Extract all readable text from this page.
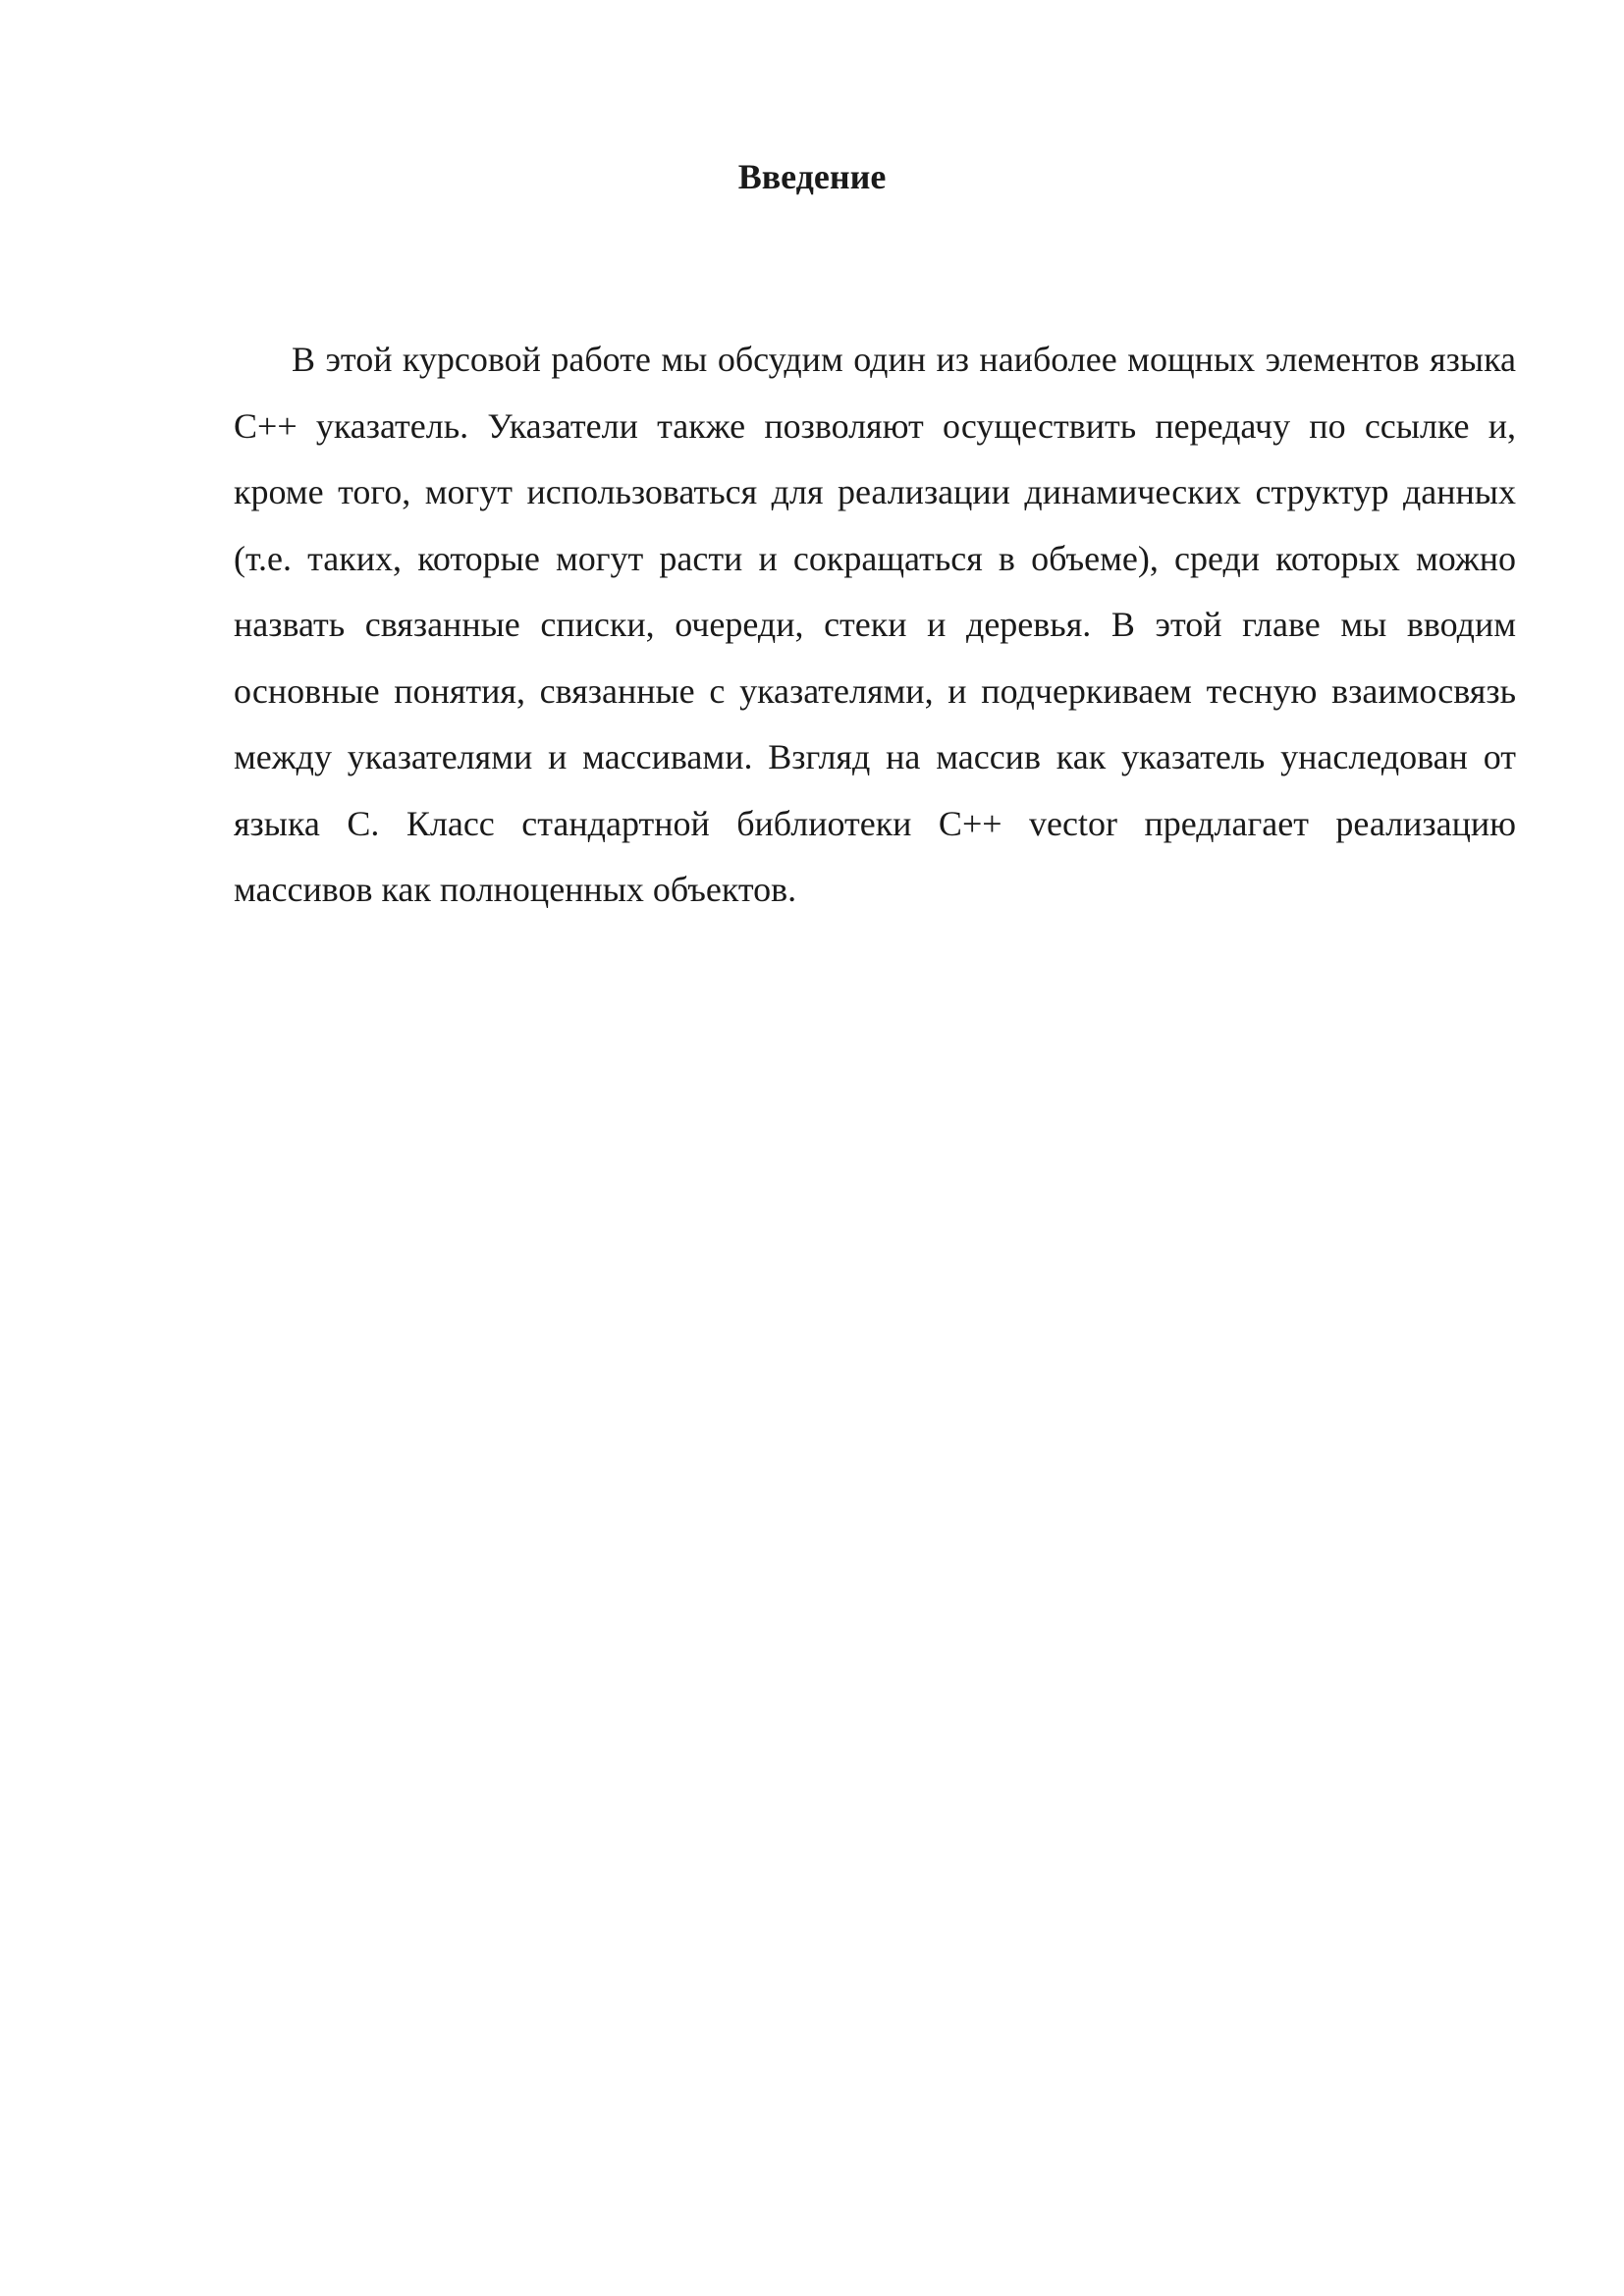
Введение

В этой курсовой работе мы обсудим один из наиболее мощных элементов языка С++ указатель. Указатели также позволяют осуществить передачу по ссылке и, кроме того, могут использоваться для реализации динамических структур данных (т.е. таких, которые могут расти и сокращаться в объеме), среди которых можно назвать связанные списки, очереди, стеки и деревья. В этой главе мы вводим основные понятия, связанные с указателями, и подчеркиваем тесную взаимосвязь между указателями и массивами. Взгляд на массив как указатель унаследован от языка С. Класс стандартной библиотеки С++ vector предлагает реализацию массивов как полноценных объектов.
